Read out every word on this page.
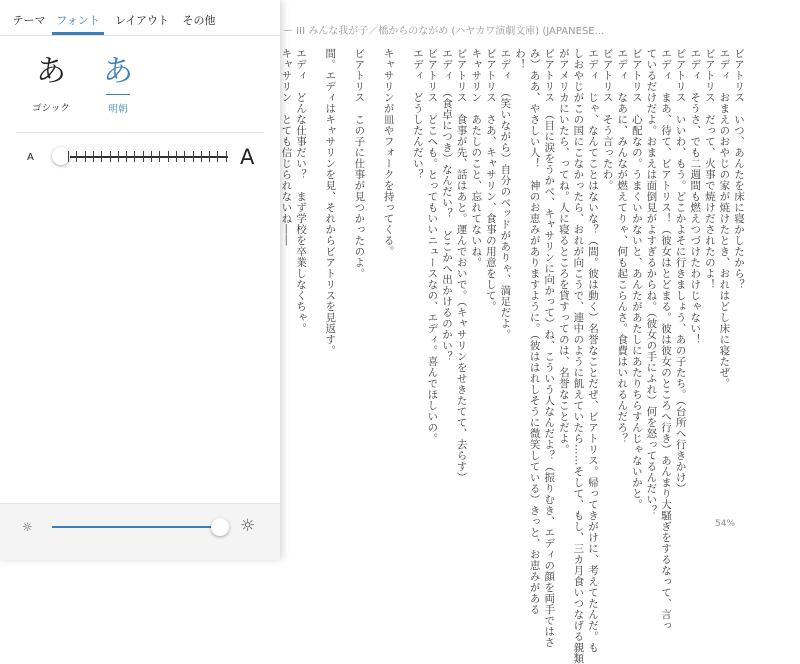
ー III みんな我が子／橋からのながめ (ハヤカワ演劇文庫) (JAPANESE...
ビアトリス　いつ、あんたを床に寝かしたから？
エディ　おまえのおやじの家が焼けたとき、おれはどし床に寝たぜ。
ビアトリス　だって、火事で焼けだされたのよ！
エディ　そうさ、でも二週間も燃えつづけたわけじゃない！
ビアトリス　いいわ、もう。どこかよそに行きましょう、あの子たち。（台所へ行きかけ）
エディ　まあ、待て、ビアトリス！（彼女はとどまる。彼は彼女のところへ行き）あんまり大騒ぎをするなって、言っ
ているだけだよ。おまえは面倒見がよすぎるからね。（彼女の手にふれ）何を怒ってるんだい？
ビアトリス　心配なの。うまくいかないと、あんたがあたしにあたりちらすんじゃないかと。
エディ　なあに、みんなが燃えてりゃ、何も起こらんさ。食費はいれるんだろ？
ビアトリス　そう言ったわ。
エディ　じゃ、なんてことはないな？（間。彼は動く）名誉なことだぜ、ビアトリス。帰ってきがけに、考えてたんだ。も
しおやじがこの国にこなかったら、おれが向こうで、連中のように飢えていたら……そして、もし、三カ月食いつなげる親類
がアメリカにいたら、ってね。人に寝るところを貸すってのは、名誉なことだよ。
ビアトリス　（目に涙をうかべ、キャサリンに向かって）ね、こういう人なんだよ？（振りむき、エディの顔を両手ではさ
み）ああ、やさしい人！　神のお恵みがありますように。（彼ははれしそうに微笑している）きっと、お恵みがある
わ！
エディ　（笑いながら）自分のベッドがありゃ、満足だよ。
ビアトリス　さあ、キャサリン、食事の用意をして。
キャサリン　あたしのこと、忘れてないね。
ビアトリス　食事が先、話はあと。運んでおいで。（キャサリンをせきたてて、去らす）
エディ　（食卓につき）なんだい？　どこかへ出かけるのかい？
ビアトリス　どこへも。とってもいいニュースなの、エディ。喜んでほしいの。
エディ　どうしたんだい？
キャサリンが皿やフォークを持ってくる。
ビアトリス　この子に仕事が見つかったのよ。
間。エディはキャサリンを見、それからビアトリスを見返す。
エディ　どんな仕事だい？　まず学校を卒業しなくちゃ。
キャサリン　とても信じられないね――
54%
テーマ フォント	レイアウト	その他
あ
ゴシック
あ
明朝
A	A
☼	☼
